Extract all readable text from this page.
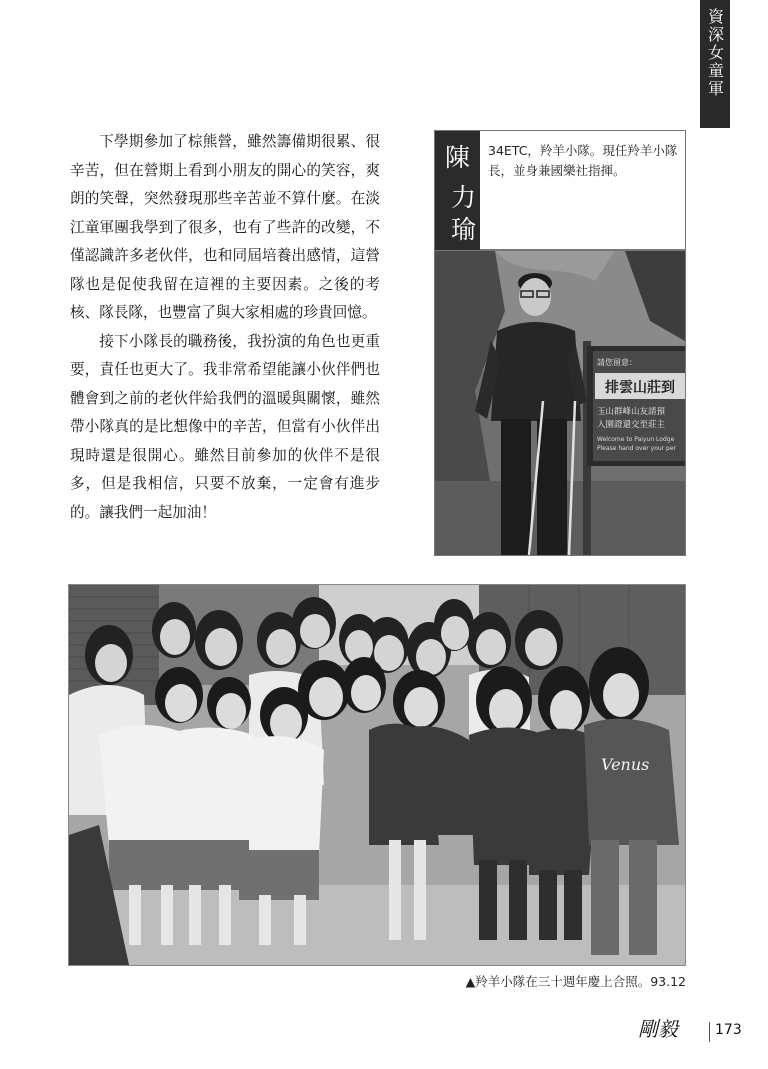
資深女童軍

下學期參加了棕熊營，雖然籌備期很累、很辛苦，但在營期上看到小朋友的開心的笑容，爽朗的笑聲，突然發現那些辛苦並不算什麼。在淡江童軍團我學到了很多，也有了些許的改變，不僅認識許多老伙伴，也和同屆培養出感情，這營隊也是促使我留在這裡的主要因素。之後的考核、隊長隊，也豐富了與大家相處的珍貴回憶。

接下小隊長的職務後，我扮演的角色也更重要，責任也更大了。我非常希望能讓小伙伴們也體會到之前的老伙伴給我們的溫暖與關懷，雖然帶小隊真的是比想像中的辛苦，但當有小伙伴出現時還是很開心。雖然目前參加的伙伴不是很多，但是我相信，只要不放棄，一定會有進步的。讓我們一起加油！

陳
力
瑜
34ETC，羚羊小隊。現任羚羊小隊長，並身兼國樂社指揮。
請您留意：
排雲山莊到
玉山群峰山友請預
入園證還交至莊主
Welcome to Paiyun Lodge
Please hand over your per
Venus
▲羚羊小隊在三十週年慶上合照。93.12
剛毅	173
